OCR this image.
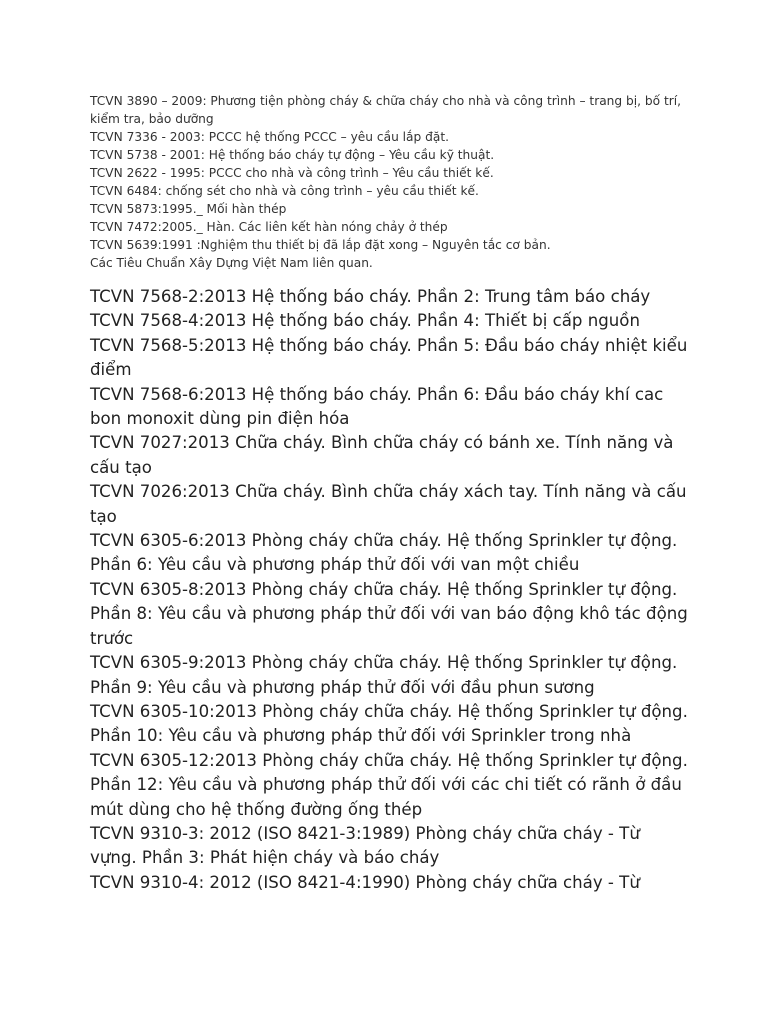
TCVN 3890 – 2009: Phương tiện phòng cháy & chữa cháy cho nhà và công trình – trang bị, bố trí, kiểm tra, bảo dưỡng

TCVN 7336 - 2003: PCCC hệ thống PCCC – yêu cầu lắp đặt.

TCVN 5738 - 2001: Hệ thống báo cháy tự động – Yêu cầu kỹ thuật.

TCVN 2622 - 1995: PCCC cho nhà và công trình – Yêu cầu thiết kế.

TCVN 6484: chống sét cho nhà và công trình – yêu cầu thiết kế.

TCVN 5873:1995._ Mối hàn thép

TCVN 7472:2005._ Hàn. Các liên kết hàn nóng chảy ở thép

TCVN 5639:1991 :Nghiệm thu thiết bị đã lắp đặt xong – Nguyên tắc cơ bản.

Các Tiêu Chuẩn Xây Dựng Việt Nam liên quan.

TCVN 7568-2:2013 Hệ thống báo cháy. Phần 2: Trung tâm báo cháy

TCVN 7568-4:2013 Hệ thống báo cháy. Phần 4: Thiết bị cấp nguồn

TCVN 7568-5:2013 Hệ thống báo cháy. Phần 5: Đầu báo cháy nhiệt kiểu điểm

TCVN 7568-6:2013 Hệ thống báo cháy. Phần 6: Đầu báo cháy khí cac bon monoxit dùng pin điện hóa

TCVN 7027:2013 Chữa cháy. Bình chữa cháy có bánh xe. Tính năng và cấu tạo

TCVN 7026:2013 Chữa cháy. Bình chữa cháy xách tay. Tính năng và cấu tạo

TCVN 6305-6:2013 Phòng cháy chữa cháy. Hệ thống Sprinkler tự động. Phần 6: Yêu cầu và phương pháp thử đối với van một chiều

TCVN 6305-8:2013 Phòng cháy chữa cháy. Hệ thống Sprinkler tự động. Phần 8: Yêu cầu và phương pháp thử đối với van báo động khô tác động trước

TCVN 6305-9:2013 Phòng cháy chữa cháy. Hệ thống Sprinkler tự động. Phần 9: Yêu cầu và phương pháp thử đối với đầu phun sương

TCVN 6305-10:2013 Phòng cháy chữa cháy. Hệ thống Sprinkler tự động. Phần 10: Yêu cầu và phương pháp thử đối với Sprinkler trong nhà

TCVN 6305-12:2013 Phòng cháy chữa cháy. Hệ thống Sprinkler tự động. Phần 12: Yêu cầu và phương pháp thử đối với các chi tiết có rãnh ở đầu mút dùng cho hệ thống đường ống thép

TCVN 9310-3: 2012 (ISO 8421-3:1989) Phòng cháy chữa cháy - Từ vựng. Phần 3: Phát hiện cháy và báo cháy

TCVN 9310-4: 2012 (ISO 8421-4:1990) Phòng cháy chữa cháy - Từ
